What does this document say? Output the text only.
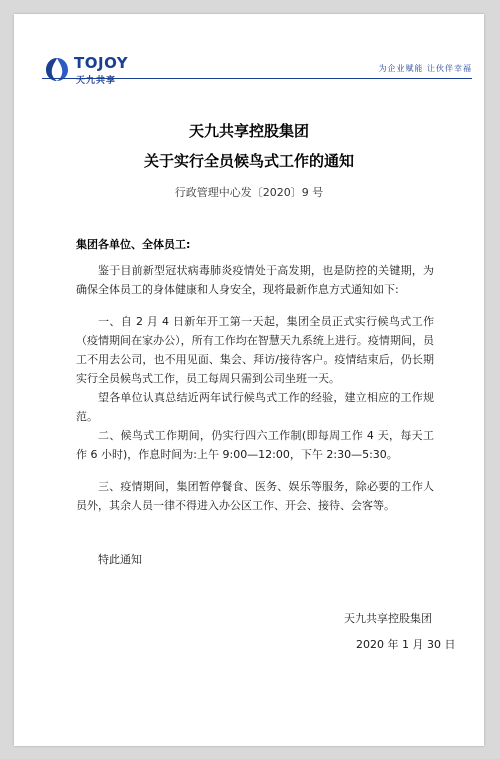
TOJOY
天九共享
为企业赋能 让伙伴幸福
天九共享控股集团
关于实行全员候鸟式工作的通知
行政管理中心发〔2020〕9 号
集团各单位、全体员工:

鉴于目前新型冠状病毒肺炎疫情处于高发期，也是防控的关键期，为确保全体员工的身体健康和人身安全，现将最新作息方式通知如下:

一、自 2 月 4 日新年开工第一天起，集团全员正式实行候鸟式工作（疫情期间在家办公），所有工作均在智慧天九系统上进行。疫情期间，员工不用去公司，也不用见面、集会、拜访/接待客户。疫情结束后，仍长期实行全员候鸟式工作，员工每周只需到公司坐班一天。

望各单位认真总结近两年试行候鸟式工作的经验，建立相应的工作规范。

二、候鸟式工作期间，仍实行四六工作制(即每周工作 4 天，每天工作 6 小时)，作息时间为:上午 9:00—12:00，下午 2:30—5:30。

三、疫情期间，集团暂停餐食、医务、娱乐等服务，除必要的工作人员外，其余人员一律不得进入办公区工作、开会、接待、会客等。

特此通知
天九共享控股集团
2020 年 1 月 30 日
